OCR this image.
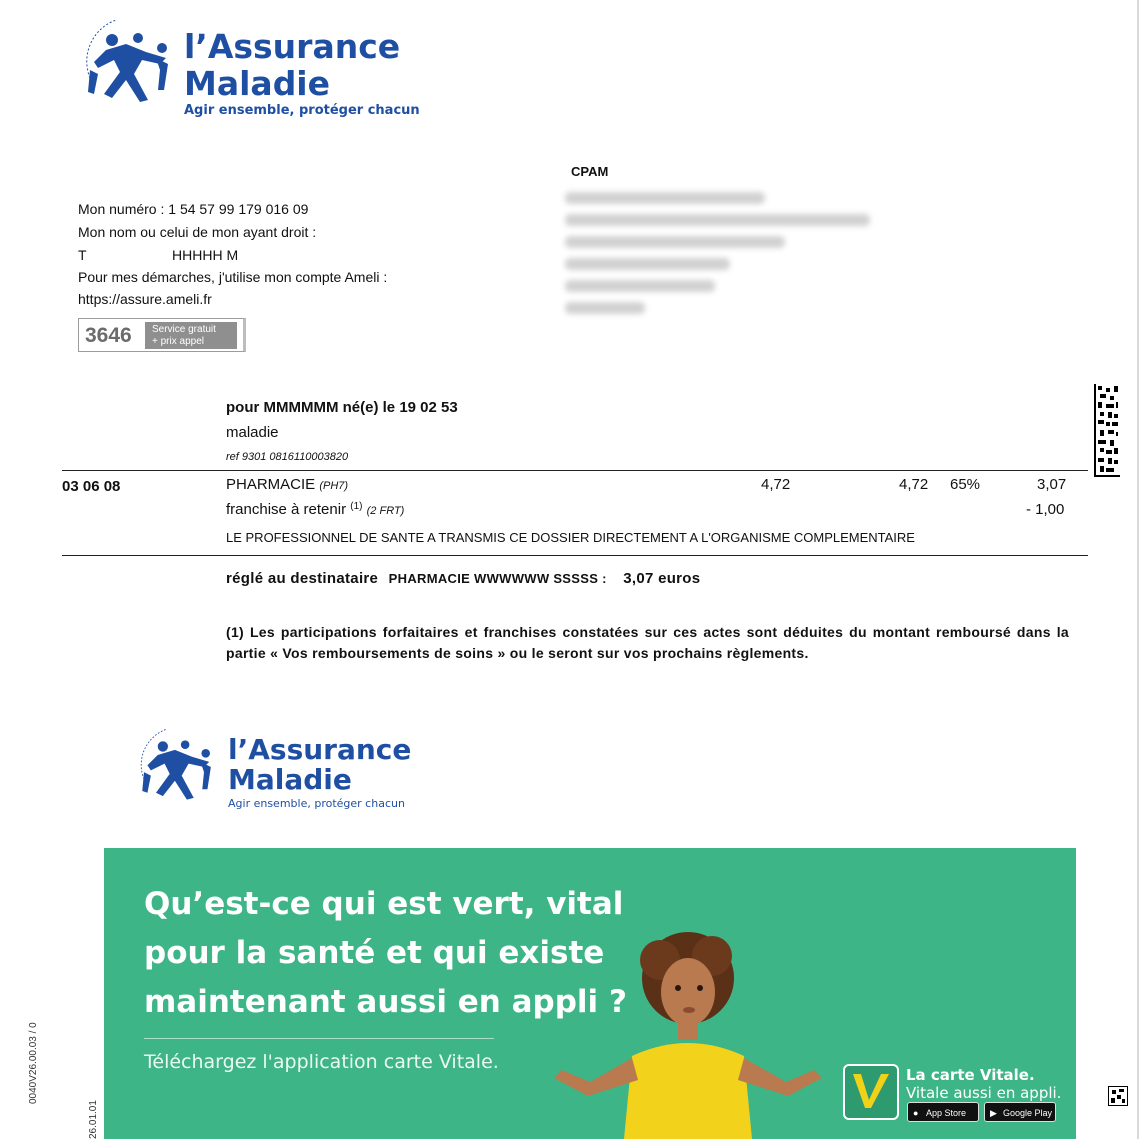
l’Assurance
Maladie
Agir ensemble, protéger chacun
CPAM
Mon numéro : 1 54 57 99 179 016 09
Mon nom ou celui de mon ayant droit :
T	HHHHH M
Pour mes démarches, j'utilise mon compte Ameli :
https://assure.ameli.fr
3646 Service gratuit
+ prix appel
pour MMMMMM né(e) le 19 02 53
maladie
ref 9301 0816110003820
03 06 08	PHARMACIE (PH7)	4,72	4,72 65%	3,07
franchise à retenir $^{(1)}$ (2 FRT)	- 1,00
LE PROFESSIONNEL DE SANTE A TRANSMIS CE DOSSIER DIRECTEMENT A L'ORGANISME COMPLEMENTAIRE
réglé au destinataire PHARMACIE WWWWWW SSSSS : 3,07 euros
(1) Les participations forfaitaires et franchises constatées sur ces actes sont déduites du montant remboursé dans la partie « Vos remboursements de soins » ou le seront sur vos prochains règlements.
l’Assurance
Maladie
Agir ensemble, protéger chacun
0040V26.00.03 / 0
26.01.01
Qu’est-ce qui est vert, vital
pour la santé et qui existe
maintenant aussi en appli ?
Téléchargez l'application carte Vitale.
La carte Vitale.
Vitale aussi en appli.
● App Store	▶ Google Play
